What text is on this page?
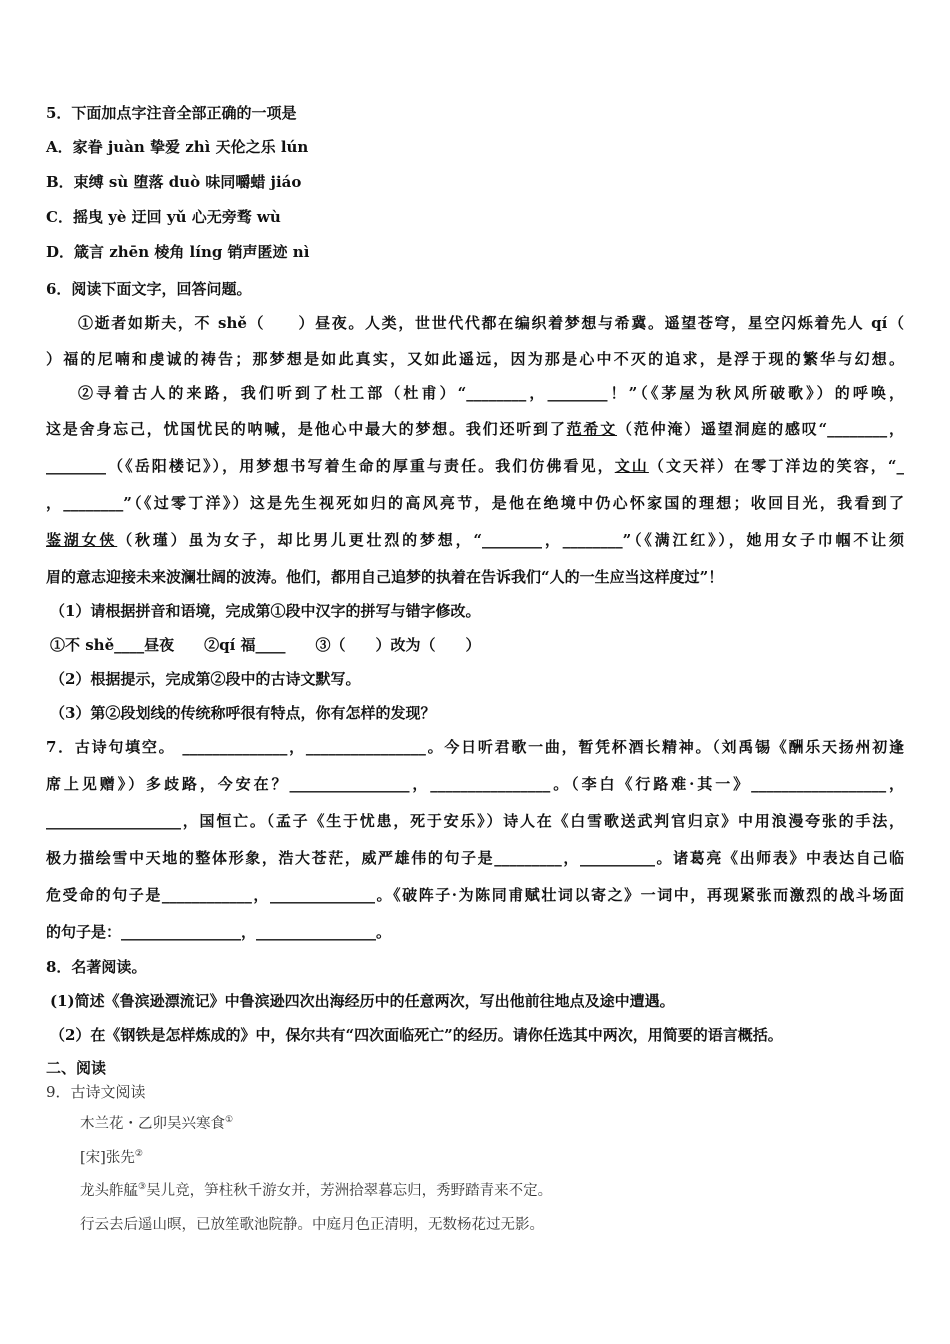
5．下面加点字注音全部正确的一项是
A．家眷 juàn 挚爱 zhì 天伦之乐 lún
B．束缚 sù 堕落 duò 味同嚼蜡 jiáo
C．摇曳 yè 迂回 yǔ 心无旁骛 wù
D．箴言 zhēn 棱角 líng 销声匿迹 nì
6．阅读下面文字，回答问题。
①逝者如斯夫，不 shě（　　）昼夜。人类，世世代代都在编织着梦想与希冀。遥望苍穹，星空闪烁着先人 qí（
）福的尼喃和虔诚的祷告；那梦想是如此真实，又如此遥远，因为那是心中不灭的追求，是浮于现的繁华与幻想。
②寻着古人的来路，我们听到了杜工部（杜甫）“________，________！”（《茅屋为秋风所破歌》）的呼唤，
这是舍身忘己，忧国忧民的呐喊，是他心中最大的梦想。我们还听到了范希文（范仲淹）遥望洞庭的感叹“________，
________（《岳阳楼记》），用梦想书写着生命的厚重与责任。我们仿佛看见，文山（文天祥）在零丁洋边的笑容，“_
，________”（《过零丁洋》）这是先生视死如归的高风亮节，是他在绝境中仍心怀家国的理想；收回目光，我看到了
鉴湖女侠（秋瑾）虽为女子，却比男儿更壮烈的梦想，“________，________”（《满江红》），她用女子巾帼不让须
眉的意志迎接未来波澜壮阔的波涛。他们，都用自己追梦的执着在告诉我们“人的一生应当这样度过”！
（1）请根据拼音和语境，完成第①段中汉字的拼写与错字修改。
①不 shě____昼夜　　②qí 福____　　③（　　）改为（　　）
（2）根据提示，完成第②段中的古诗文默写。
（3）第②段划线的传统称呼很有特点，你有怎样的发现？
7．古诗句填空。 ______________，________________。今日听君歌一曲，暂凭杯酒长精神。（刘禹锡《酬乐天扬州初逢
席上见赠》）多歧路，今安在？________________，________________。（李白《行路难·其一》__________________，
__________________，国恒亡。（孟子《生于忧患，死于安乐》）诗人在《白雪歌送武判官归京》中用浪漫夸张的手法，
极力描绘雪中天地的整体形象，浩大苍茫，威严雄伟的句子是_________，__________。诸葛亮《出师表》中表达自己临
危受命的句子是____________，______________。《破阵子·为陈同甫赋壮词以寄之》一词中，再现紧张而激烈的战斗场面
的句子是：________________，________________。
8．名著阅读。
(1)简述《鲁滨逊漂流记》中鲁滨逊四次出海经历中的任意两次，写出他前往地点及途中遭遇。
（2）在《钢铁是怎样炼成的》中，保尔共有“四次面临死亡”的经历。请你任选其中两次，用简要的语言概括。
二、阅读
9．古诗文阅读
木兰花・乙卯吴兴寒食①
[宋]张先②
龙头舴艋③吴儿竞，笋柱秋千游女并，芳洲拾翠暮忘归，秀野踏青来不定。
行云去后遥山暝，已放笙歌池院静。中庭月色正清明，无数杨花过无影。
